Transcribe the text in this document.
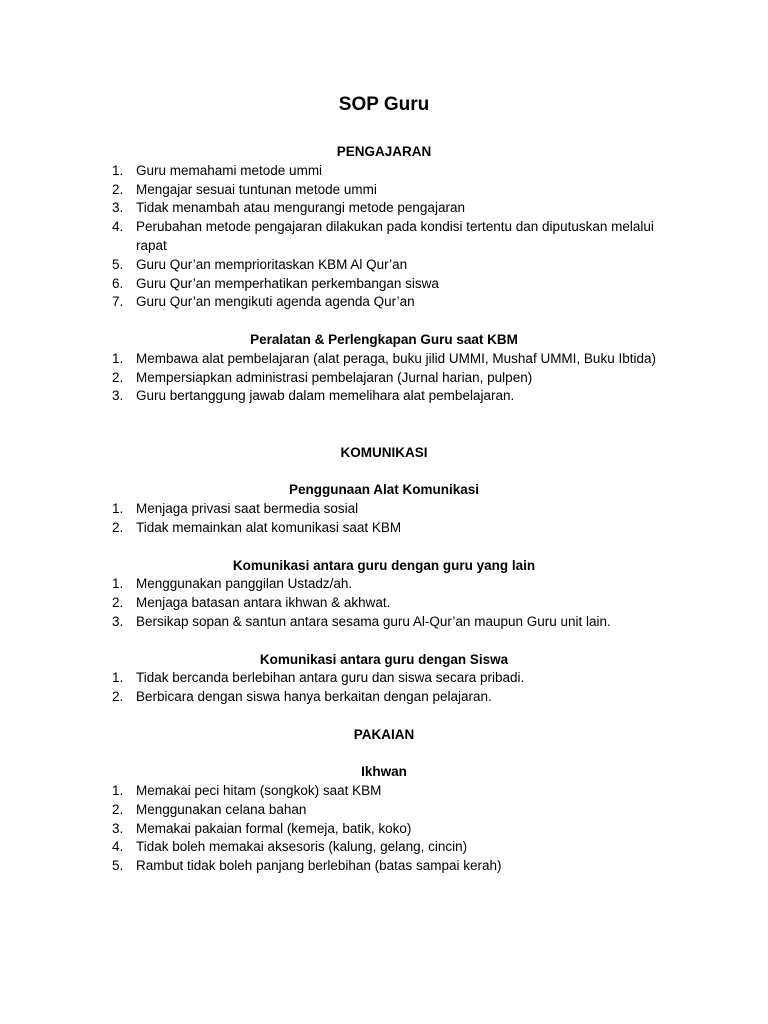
SOP Guru
PENGAJARAN
1. Guru memahami metode ummi
2. Mengajar sesuai tuntunan metode ummi
3. Tidak menambah atau mengurangi metode pengajaran
4. Perubahan metode pengajaran dilakukan pada kondisi tertentu dan diputuskan melalui rapat
5. Guru Qur’an memprioritaskan KBM Al Qur’an
6. Guru Qur’an memperhatikan perkembangan siswa
7. Guru Qur’an mengikuti agenda agenda Qur’an
Peralatan & Perlengkapan Guru saat KBM
1. Membawa alat pembelajaran (alat peraga, buku jilid UMMI, Mushaf UMMI, Buku Ibtida)
2. Mempersiapkan administrasi pembelajaran (Jurnal harian, pulpen)
3. Guru bertanggung jawab dalam memelihara alat pembelajaran.
KOMUNIKASI
Penggunaan Alat Komunikasi
1. Menjaga privasi saat bermedia sosial
2. Tidak memainkan alat komunikasi saat KBM
Komunikasi antara guru dengan guru yang lain
1. Menggunakan panggilan Ustadz/ah.
2. Menjaga batasan antara ikhwan & akhwat.
3. Bersikap sopan & santun antara sesama guru Al-Qur’an maupun Guru unit lain.
Komunikasi antara guru dengan Siswa
1. Tidak bercanda berlebihan antara guru dan siswa secara pribadi.
2. Berbicara dengan siswa hanya berkaitan dengan pelajaran.
PAKAIAN
Ikhwan
1. Memakai peci hitam (songkok) saat KBM
2. Menggunakan celana bahan
3. Memakai pakaian formal (kemeja, batik, koko)
4. Tidak boleh memakai aksesoris (kalung, gelang, cincin)
5. Rambut tidak boleh panjang berlebihan (batas sampai kerah)
